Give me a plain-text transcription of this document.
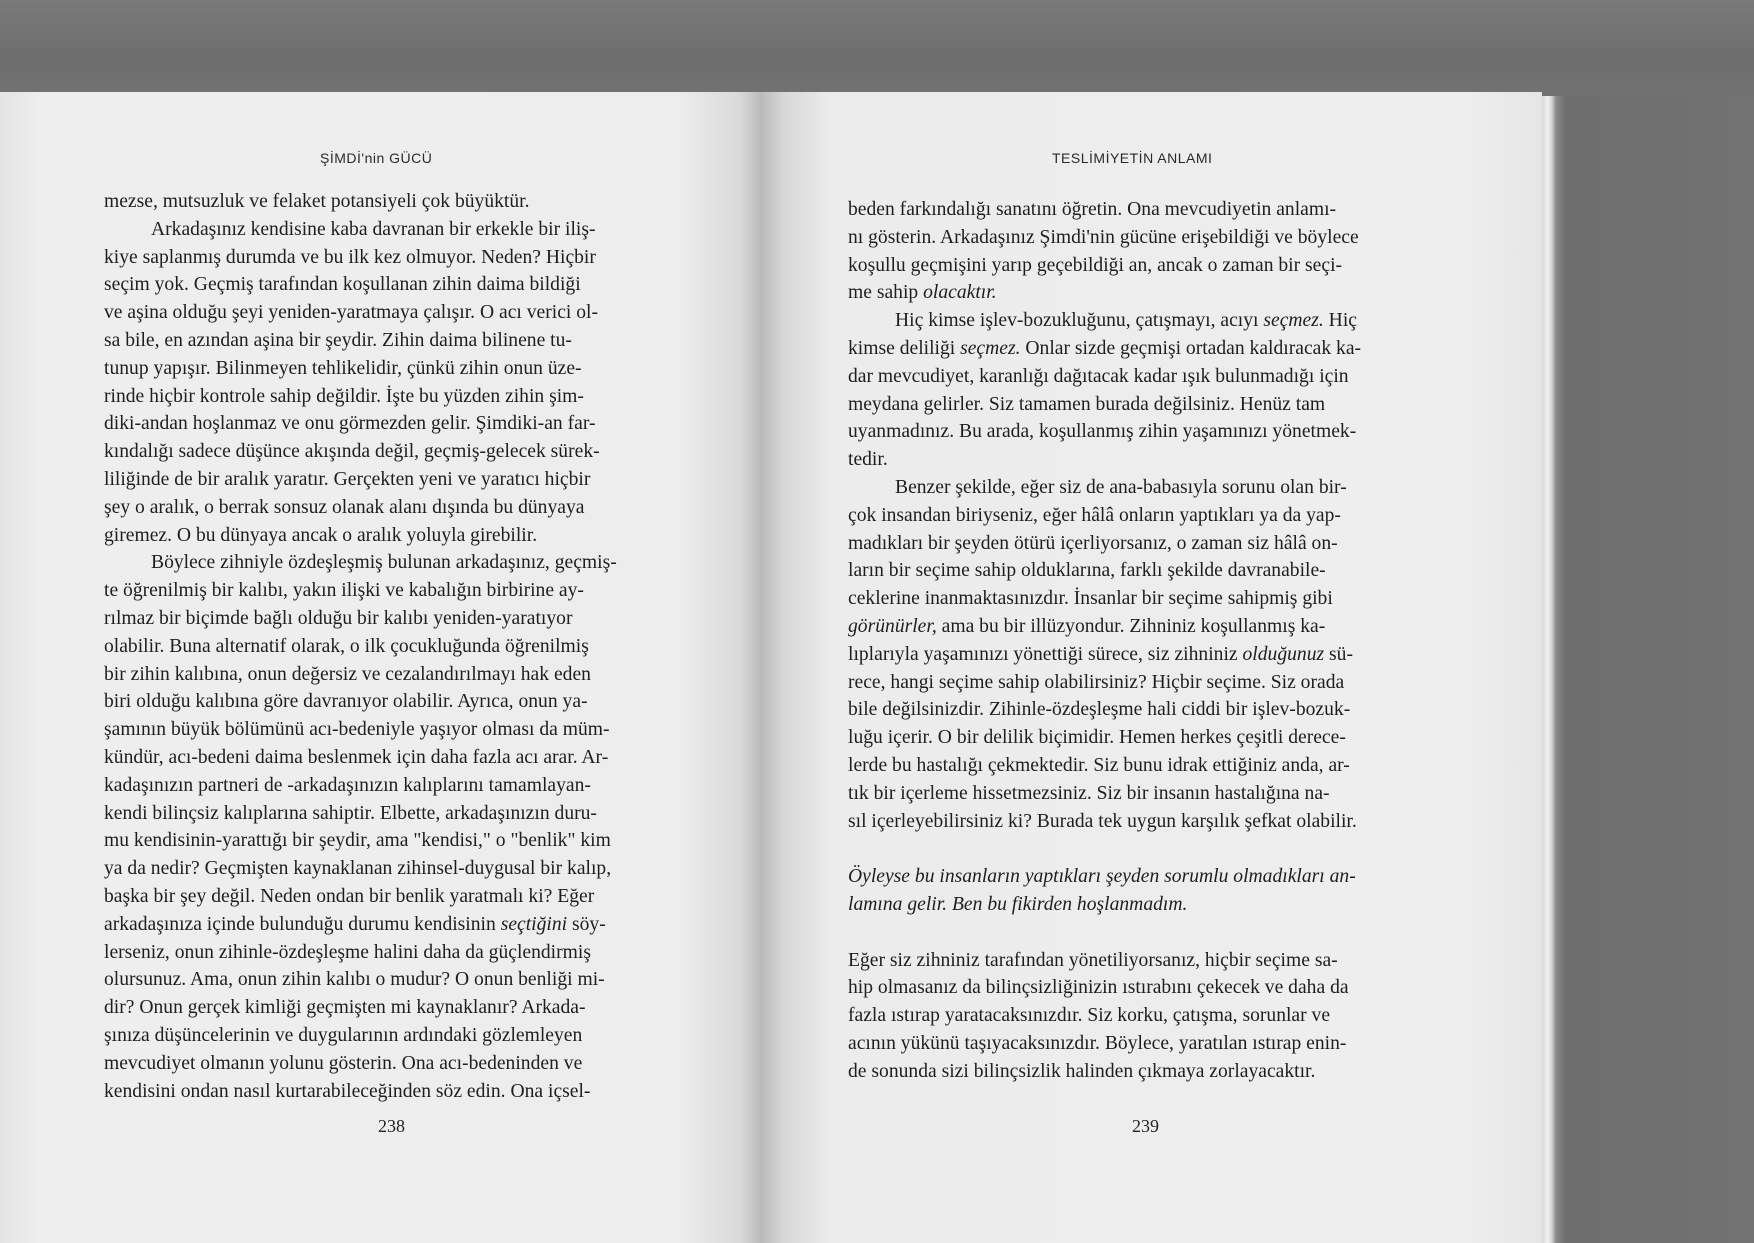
ŞİMDİ'nin GÜCÜ	TESLİMİYETİN ANLAMI
mezse, mutsuzluk ve felaket potansiyeli çok büyüktür.
Arkadaşınız kendisine kaba davranan bir erkekle bir iliş-
kiye saplanmış durumda ve bu ilk kez olmuyor. Neden? Hiçbir
seçim yok. Geçmiş tarafından koşullanan zihin daima bildiği
ve aşina olduğu şeyi yeniden-yaratmaya çalışır. O acı verici ol-
sa bile, en azından aşina bir şeydir. Zihin daima bilinene tu-
tunup yapışır. Bilinmeyen tehlikelidir, çünkü zihin onun üze-
rinde hiçbir kontrole sahip değildir. İşte bu yüzden zihin şim-
diki-andan hoşlanmaz ve onu görmezden gelir. Şimdiki-an far-
kındalığı sadece düşünce akışında değil, geçmiş-gelecek sürek-
liliğinde de bir aralık yaratır. Gerçekten yeni ve yaratıcı hiçbir
şey o aralık, o berrak sonsuz olanak alanı dışında bu dünyaya
giremez. O bu dünyaya ancak o aralık yoluyla girebilir.
Böylece zihniyle özdeşleşmiş bulunan arkadaşınız, geçmiş-
te öğrenilmiş bir kalıbı, yakın ilişki ve kabalığın birbirine ay-
rılmaz bir biçimde bağlı olduğu bir kalıbı yeniden-yaratıyor
olabilir. Buna alternatif olarak, o ilk çocukluğunda öğrenilmiş
bir zihin kalıbına, onun değersiz ve cezalandırılmayı hak eden
biri olduğu kalıbına göre davranıyor olabilir. Ayrıca, onun ya-
şamının büyük bölümünü acı-bedeniyle yaşıyor olması da müm-
kündür, acı-bedeni daima beslenmek için daha fazla acı arar. Ar-
kadaşınızın partneri de -arkadaşınızın kalıplarını tamamlayan-
kendi bilinçsiz kalıplarına sahiptir. Elbette, arkadaşınızın duru-
mu kendisinin-yarattığı bir şeydir, ama "kendisi," o "benlik" kim
ya da nedir? Geçmişten kaynaklanan zihinsel-duygusal bir kalıp,
başka bir şey değil. Neden ondan bir benlik yaratmalı ki? Eğer
arkadaşınıza içinde bulunduğu durumu kendisinin seçtiğini söy-
lerseniz, onun zihinle-özdeşleşme halini daha da güçlendirmiş
olursunuz. Ama, onun zihin kalıbı o mudur? O onun benliği mi-
dir? Onun gerçek kimliği geçmişten mi kaynaklanır? Arkada-
şınıza düşüncelerinin ve duygularının ardındaki gözlemleyen
mevcudiyet olmanın yolunu gösterin. Ona acı-bedeninden ve
kendisini ondan nasıl kurtarabileceğinden söz edin. Ona içsel-
beden farkındalığı sanatını öğretin. Ona mevcudiyetin anlamı-
nı gösterin. Arkadaşınız Şimdi'nin gücüne erişebildiği ve böylece
koşullu geçmişini yarıp geçebildiği an, ancak o zaman bir seçi-
me sahip olacaktır.
Hiç kimse işlev-bozukluğunu, çatışmayı, acıyı seçmez. Hiç
kimse deliliği seçmez. Onlar sizde geçmişi ortadan kaldıracak ka-
dar mevcudiyet, karanlığı dağıtacak kadar ışık bulunmadığı için
meydana gelirler. Siz tamamen burada değilsiniz. Henüz tam
uyanmadınız. Bu arada, koşullanmış zihin yaşamınızı yönetmek-
tedir.
Benzer şekilde, eğer siz de ana-babasıyla sorunu olan bir-
çok insandan biriyseniz, eğer hâlâ onların yaptıkları ya da yap-
madıkları bir şeyden ötürü içerliyorsanız, o zaman siz hâlâ on-
ların bir seçime sahip olduklarına, farklı şekilde davranabile-
ceklerine inanmaktasınızdır. İnsanlar bir seçime sahipmiş gibi
görünürler, ama bu bir illüzyondur. Zihniniz koşullanmış ka-
lıplarıyla yaşamınızı yönettiği sürece, siz zihniniz olduğunuz sü-
rece, hangi seçime sahip olabilirsiniz? Hiçbir seçime. Siz orada
bile değilsinizdir. Zihinle-özdeşleşme hali ciddi bir işlev-bozuk-
luğu içerir. O bir delilik biçimidir. Hemen herkes çeşitli derece-
lerde bu hastalığı çekmektedir. Siz bunu idrak ettiğiniz anda, ar-
tık bir içerleme hissetmezsiniz. Siz bir insanın hastalığına na-
sıl içerleyebilirsiniz ki? Burada tek uygun karşılık şefkat olabilir.
Öyleyse bu insanların yaptıkları şeyden sorumlu olmadıkları an-
lamına gelir. Ben bu fikirden hoşlanmadım.
Eğer siz zihniniz tarafından yönetiliyorsanız, hiçbir seçime sa-
hip olmasanız da bilinçsizliğinizin ıstırabını çekecek ve daha da
fazla ıstırap yaratacaksınızdır. Siz korku, çatışma, sorunlar ve
acının yükünü taşıyacaksınızdır. Böylece, yaratılan ıstırap enin-
de sonunda sizi bilinçsizlik halinden çıkmaya zorlayacaktır.
238	239
